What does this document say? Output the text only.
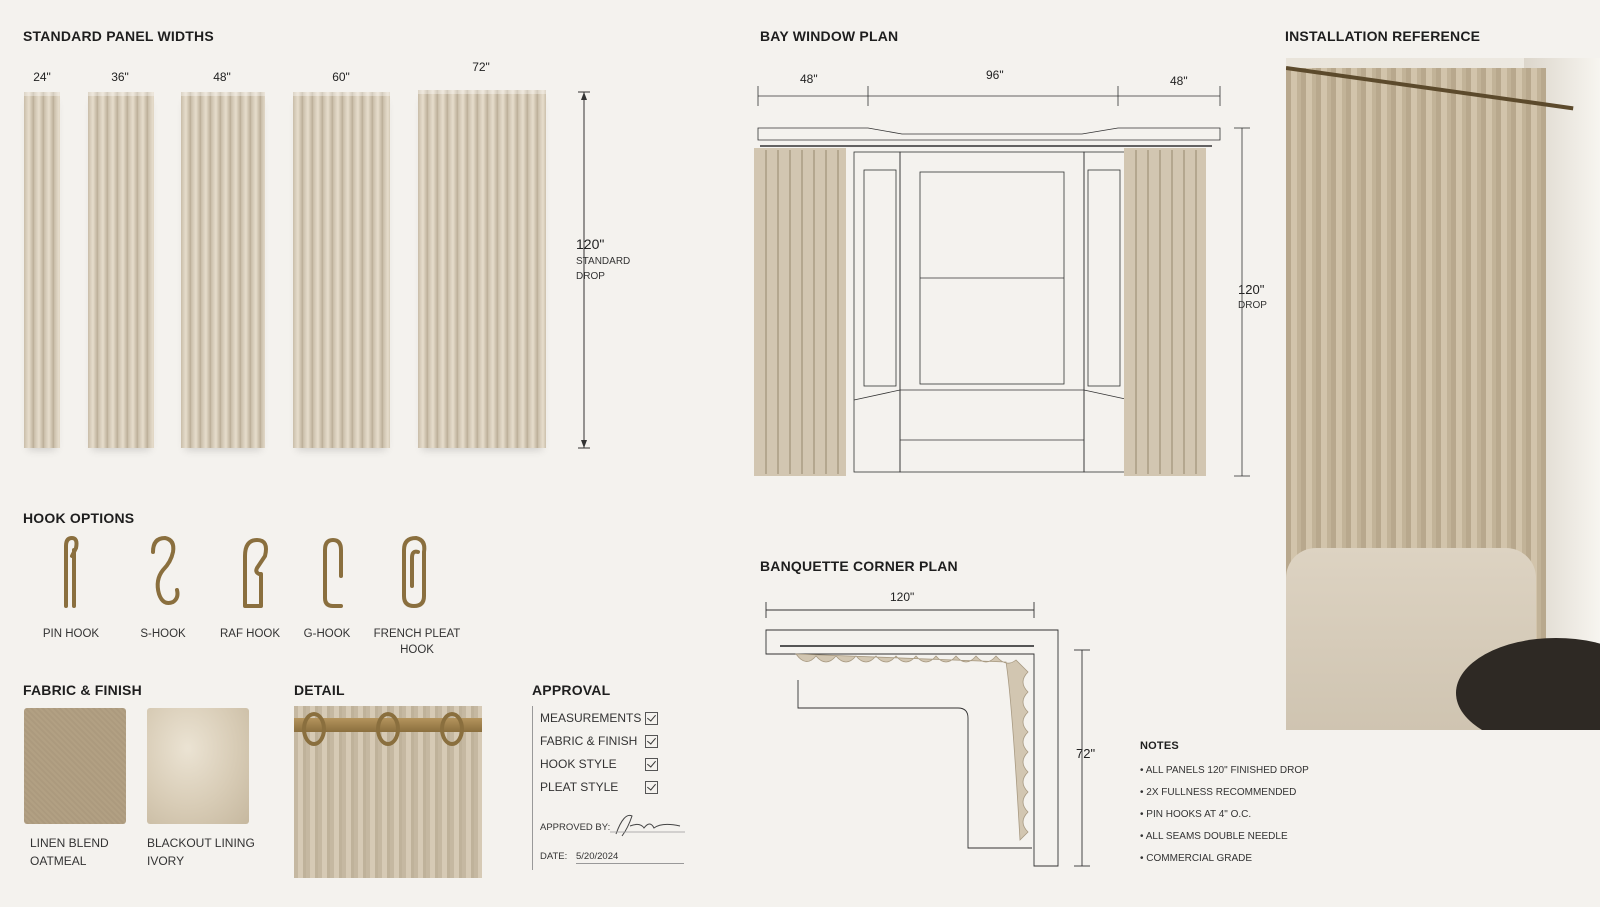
STANDARD PANEL WIDTHS
24"	36"	48"	60"
72"
120"
STANDARD
DROP
HOOK OPTIONS
PIN HOOK	S-HOOK	RAF HOOK	G-HOOK	FRENCH PLEAT
HOOK
FABRIC & FINISH
LINEN BLEND
OATMEAL
BLACKOUT LINING
IVORY
DETAIL	APPROVAL
MEASUREMENTS
FABRIC & FINISH
HOOK STYLE
PLEAT STYLE
APPROVED BY:
DATE: 5/20/2024
BAY WINDOW PLAN
48"	96"	48"
120"
DROP
BANQUETTE CORNER PLAN
120"
72"	NOTES
• ALL PANELS 120" FINISHED DROP
• 2X FULLNESS RECOMMENDED
• PIN HOOKS AT 4" O.C.
• ALL SEAMS DOUBLE NEEDLE
• COMMERCIAL GRADE
INSTALLATION REFERENCE
